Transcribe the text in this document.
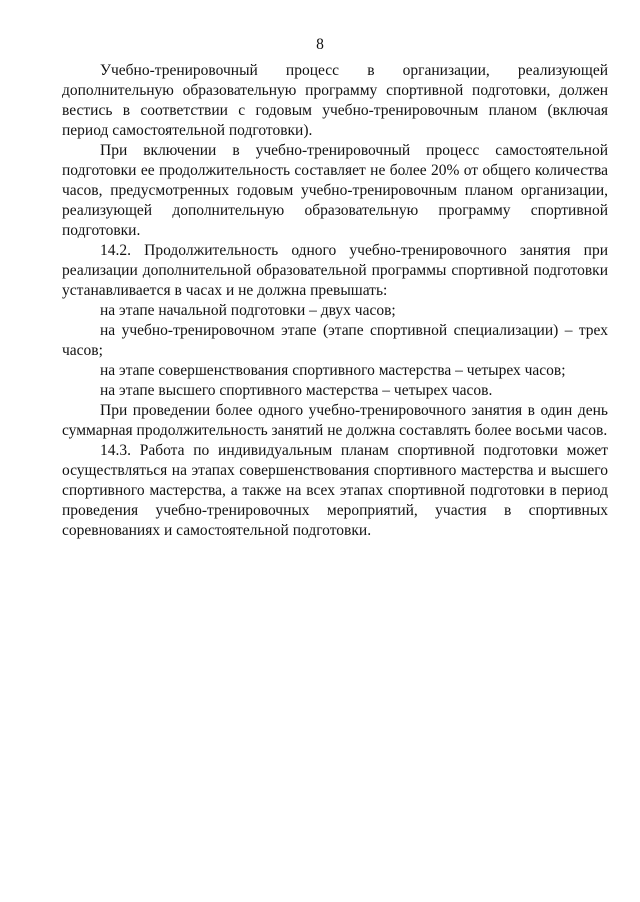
8

Учебно-тренировочный процесс в организации, реализующей дополнительную образовательную программу спортивной подготовки, должен вестись в соответствии с годовым учебно-тренировочным планом (включая период самостоятельной подготовки).

При включении в учебно-тренировочный процесс самостоятельной подготовки ее продолжительность составляет не более 20% от общего количества часов, предусмотренных годовым учебно-тренировочным планом организации, реализующей дополнительную образовательную программу спортивной подготовки.

14.2. Продолжительность одного учебно-тренировочного занятия при реализации дополнительной образовательной программы спортивной подготовки устанавливается в часах и не должна превышать:

на этапе начальной подготовки – двух часов;

на учебно-тренировочном этапе (этапе спортивной специализации) – трех часов;

на этапе совершенствования спортивного мастерства – четырех часов;

на этапе высшего спортивного мастерства – четырех часов.

При проведении более одного учебно-тренировочного занятия в один день суммарная продолжительность занятий не должна составлять более восьми часов.

14.3. Работа по индивидуальным планам спортивной подготовки может осуществляться на этапах совершенствования спортивного мастерства и высшего спортивного мастерства, а также на всех этапах спортивной подготовки в период проведения учебно-тренировочных мероприятий, участия в спортивных соревнованиях и самостоятельной подготовки.
